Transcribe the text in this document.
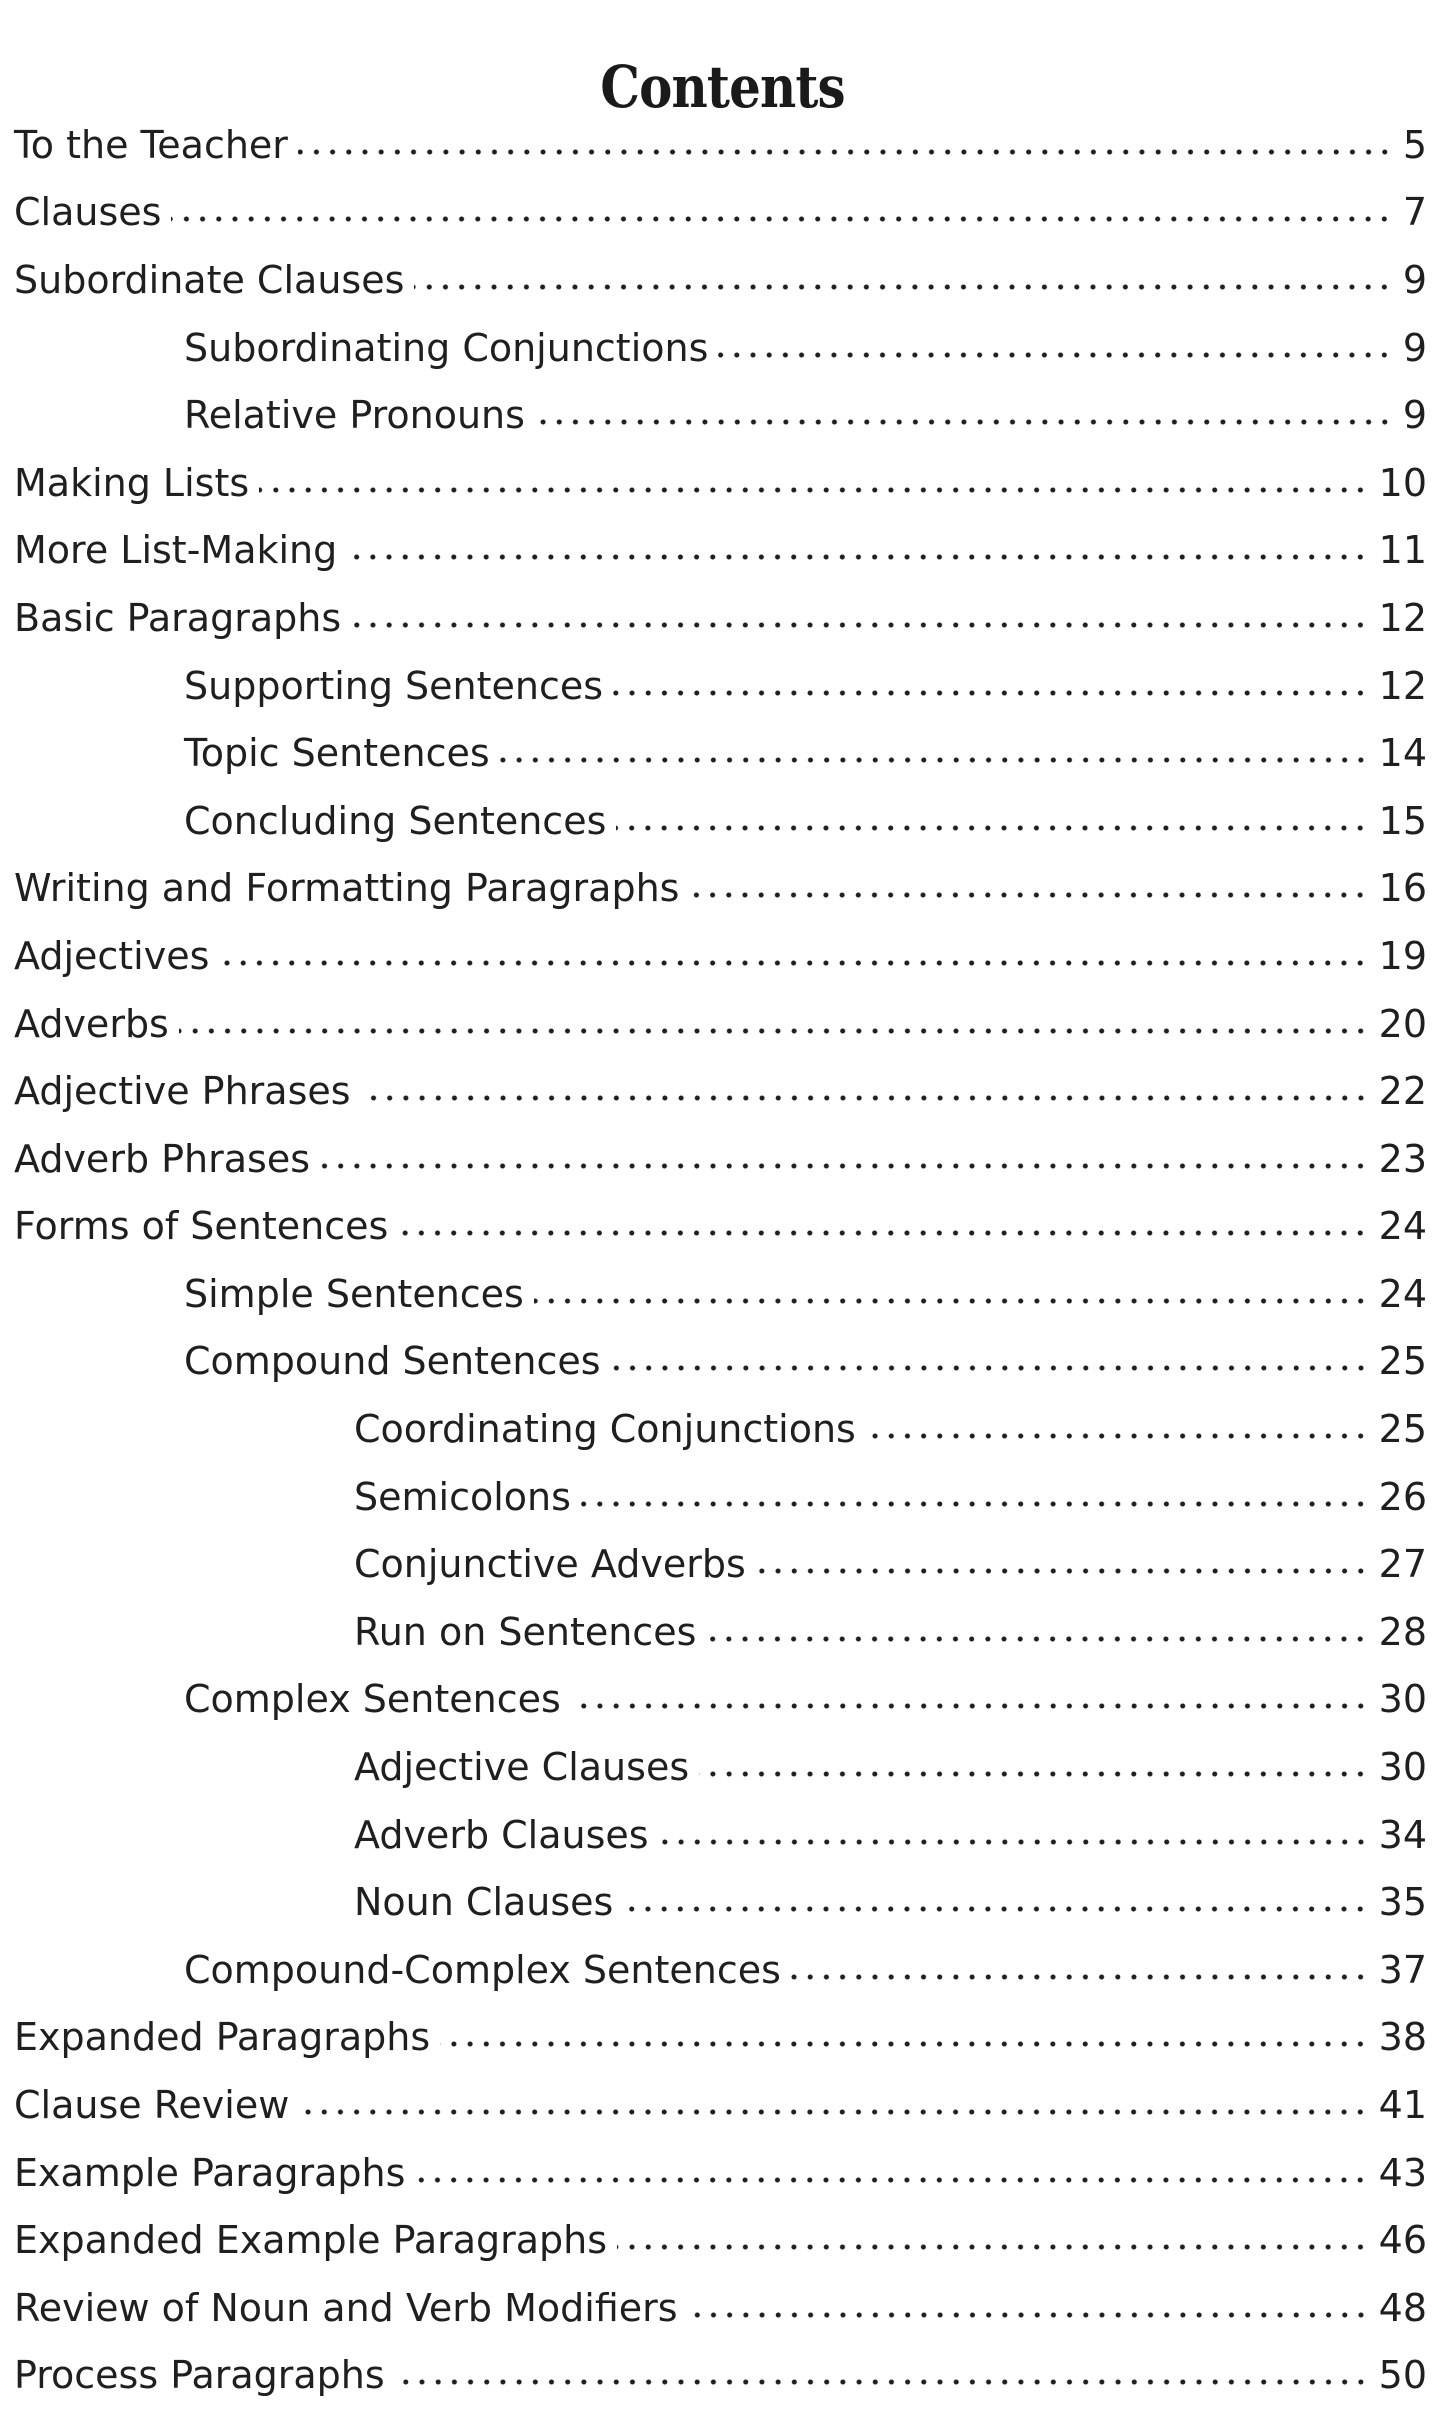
Contents
To the Teacher	5
Clauses	7
Subordinate Clauses	9
Subordinating Conjunctions	9
Relative Pronouns	9
Making Lists	10
More List-Making	11
Basic Paragraphs	12
Supporting Sentences	12
Topic Sentences	14
Concluding Sentences	15
Writing and Formatting Paragraphs	16
Adjectives	19
Adverbs	20
Adjective Phrases	22
Adverb Phrases	23
Forms of Sentences	24
Simple Sentences	24
Compound Sentences	25
Coordinating Conjunctions	25
Semicolons	26
Conjunctive Adverbs	27
Run on Sentences	28
Complex Sentences	30
Adjective Clauses	30
Adverb Clauses	34
Noun Clauses	35
Compound-Complex Sentences	37
Expanded Paragraphs	38
Clause Review	41
Example Paragraphs	43
Expanded Example Paragraphs	46
Review of Noun and Verb Modifiers	48
Process Paragraphs	50
